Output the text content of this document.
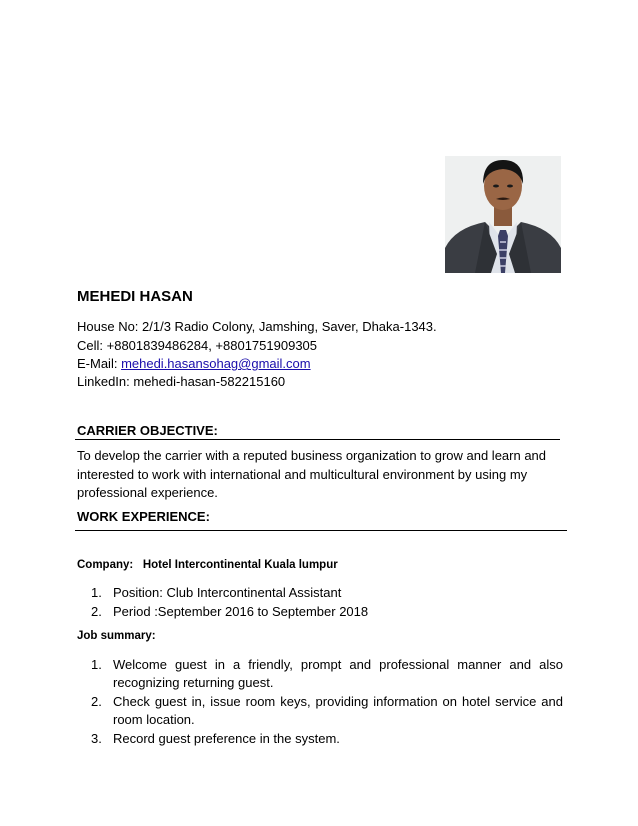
MEHEDI HASAN
House No: 2/1/3 Radio Colony, Jamshing, Saver, Dhaka-1343.
Cell: +8801839486284, +8801751909305
E-Mail: mehedi.hasansohag@gmail.com
LinkedIn: mehedi-hasan-582215160
CARRIER OBJECTIVE:
To develop the carrier with a reputed business organization to grow and learn and interested to work with international and multicultural environment by using my professional experience.
WORK EXPERIENCE:
Company: Hotel Intercontinental Kuala lumpur
1. Position: Club Intercontinental Assistant
2. Period :September 2016 to September 2018
Job summary:
1. Welcome guest in a friendly, prompt and professional manner and also recognizing returning guest.
2. Check guest in, issue room keys, providing information on hotel service and room location.
3. Record guest preference in the system.
